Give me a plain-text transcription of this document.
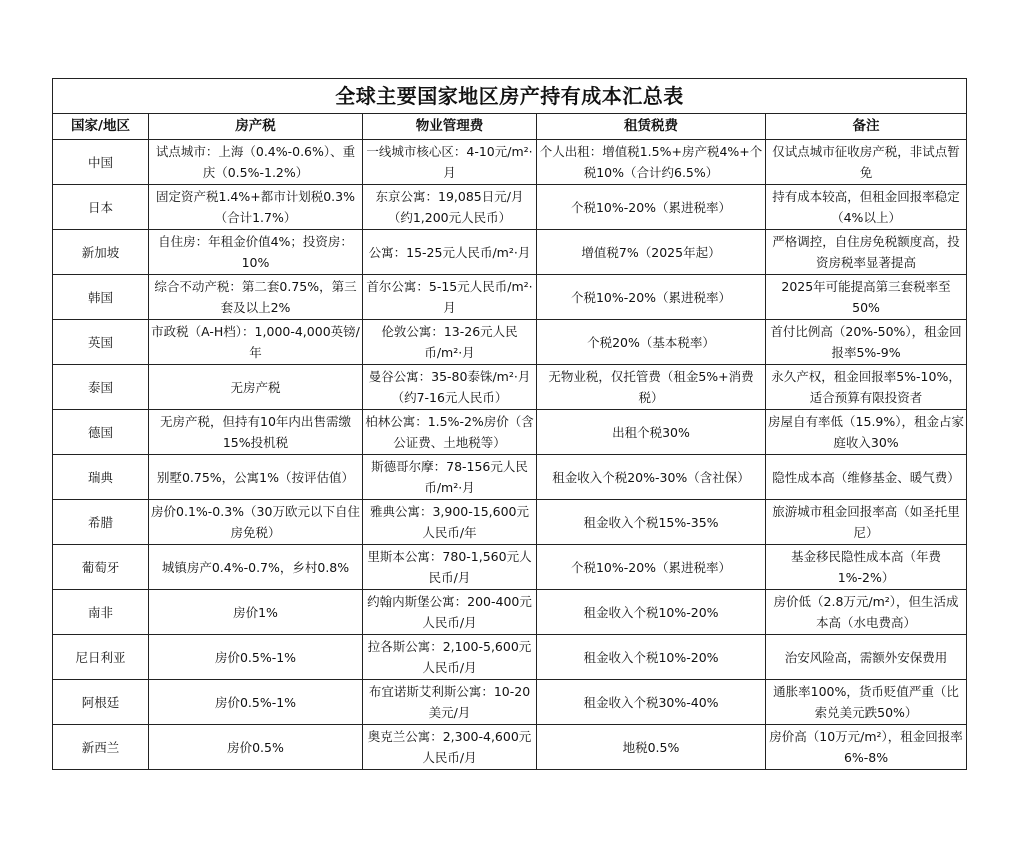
全球主要国家地区房产持有成本汇总表				
国家/地区	房产税	物业管理费	租赁税费	备注
中国	试点城市：上海（0.4%-0.6%）、重庆（0.5%-1.2%）	一线城市核心区：4-10元/m²·月	个人出租：增值税1.5%+房产税4%+个税10%（合计约6.5%）	仅试点城市征收房产税，非试点暂免
日本	固定资产税1.4%+都市计划税0.3%（合计1.7%）	东京公寓：19,085日元/月（约1,200元人民币）	个税10%-20%（累进税率）	持有成本较高，但租金回报率稳定（4%以上）
新加坡	自住房：年租金价值4%；投资房：10%	公寓：15-25元人民币/m²·月	增值税7%（2025年起）	严格调控，自住房免税额度高，投资房税率显著提高
韩国	综合不动产税：第二套0.75%，第三套及以上2%	首尔公寓：5-15元人民币/m²·月	个税10%-20%（累进税率）	2025年可能提高第三套税率至50%
英国	市政税（A-H档）：1,000-4,000英镑/年	伦敦公寓：13-26元人民币/m²·月	个税20%（基本税率）	首付比例高（20%-50%），租金回报率5%-9%
泰国	无房产税	曼谷公寓：35-80泰铢/m²·月（约7-16元人民币）	无物业税，仅托管费（租金5%+消费税）	永久产权，租金回报率5%-10%，适合预算有限投资者
德国	无房产税，但持有10年内出售需缴15%投机税	柏林公寓：1.5%-2%房价（含公证费、土地税等）	出租个税30%	房屋自有率低（15.9%），租金占家庭收入30%
瑞典	别墅0.75%，公寓1%（按评估值）	斯德哥尔摩：78-156元人民币/m²·月	租金收入个税20%-30%（含社保）	隐性成本高（维修基金、暖气费）
希腊	房价0.1%-0.3%（30万欧元以下自住房免税）	雅典公寓：3,900-15,600元人民币/年	租金收入个税15%-35%	旅游城市租金回报率高（如圣托里尼）
葡萄牙	城镇房产0.4%-0.7%，乡村0.8%	里斯本公寓：780-1,560元人民币/月	个税10%-20%（累进税率）	基金移民隐性成本高（年费1%-2%）
南非	房价1%	约翰内斯堡公寓：200-400元人民币/月	租金收入个税10%-20%	房价低（2.8万元/m²），但生活成本高（水电费高）
尼日利亚	房价0.5%-1%	拉各斯公寓：2,100-5,600元人民币/月	租金收入个税10%-20%	治安风险高，需额外安保费用
阿根廷	房价0.5%-1%	布宜诺斯艾利斯公寓：10-20美元/月	租金收入个税30%-40%	通胀率100%，货币贬值严重（比索兑美元跌50%）
新西兰	房价0.5%	奥克兰公寓：2,300-4,600元人民币/月	地税0.5%	房价高（10万元/m²），租金回报率6%-8%
